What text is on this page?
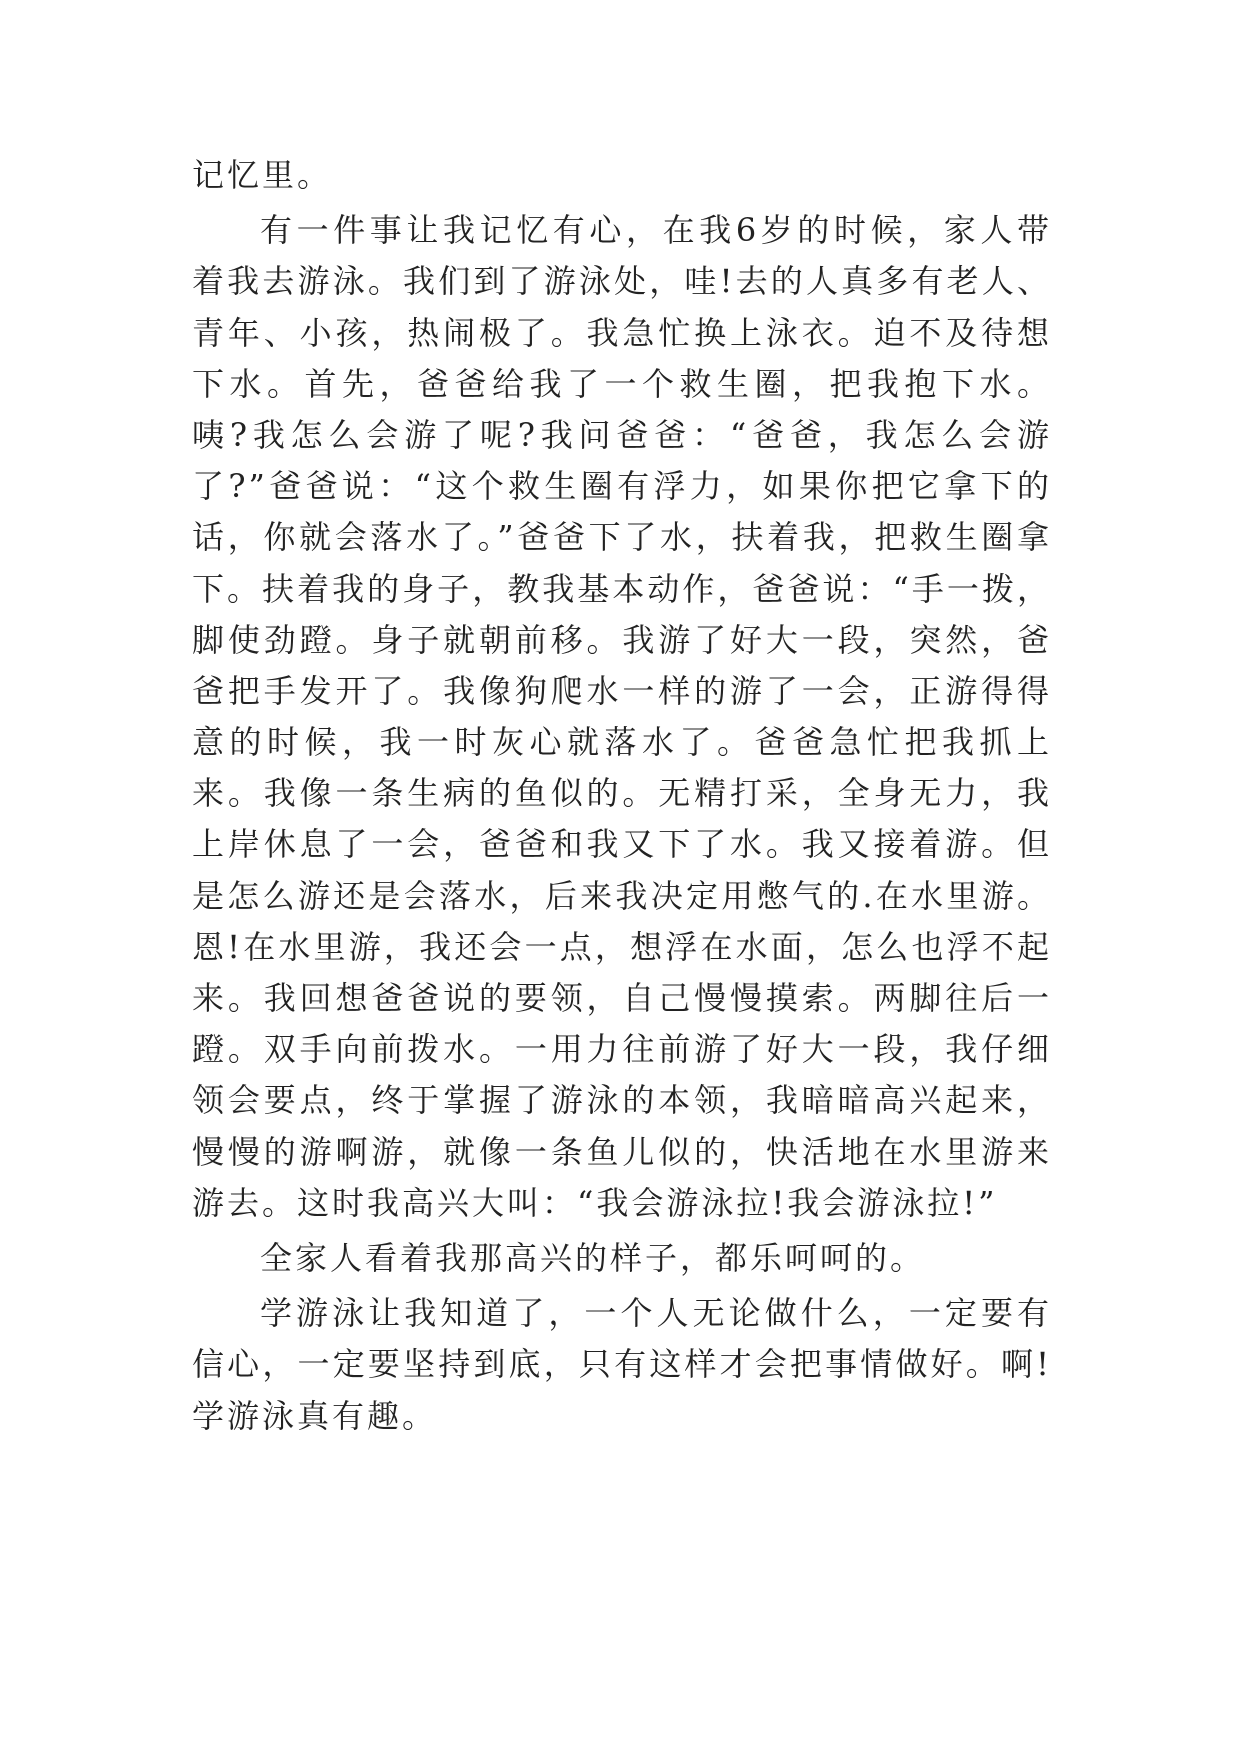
记忆里。

有一件事让我记忆有心，在我6岁的时候，家人带着我去游泳。我们到了游泳处，哇!去的人真多有老人、青年、小孩，热闹极了。我急忙换上泳衣。迫不及待想下水。首先，爸爸给我了一个救生圈，把我抱下水。咦?我怎么会游了呢?我问爸爸：“爸爸，我怎么会游了?”爸爸说：“这个救生圈有浮力，如果你把它拿下的话，你就会落水了。”爸爸下了水，扶着我，把救生圈拿下。扶着我的身子，教我基本动作，爸爸说：“手一拨，脚使劲蹬。身子就朝前移。我游了好大一段，突然，爸爸把手发开了。我像狗爬水一样的游了一会，正游得得意的时候，我一时灰心就落水了。爸爸急忙把我抓上来。我像一条生病的鱼似的。无精打采，全身无力，我上岸休息了一会，爸爸和我又下了水。我又接着游。但是怎么游还是会落水，后来我决定用憋气的.在水里游。恩!在水里游，我还会一点，想浮在水面，怎么也浮不起来。我回想爸爸说的要领，自己慢慢摸索。两脚往后一蹬。双手向前拨水。一用力往前游了好大一段，我仔细领会要点，终于掌握了游泳的本领，我暗暗高兴起来，慢慢的游啊游，就像一条鱼儿似的，快活地在水里游来游去。这时我高兴大叫：“我会游泳拉!我会游泳拉!”

全家人看着我那高兴的样子，都乐呵呵的。

学游泳让我知道了，一个人无论做什么，一定要有信心，一定要坚持到底，只有这样才会把事情做好。啊!学游泳真有趣。
